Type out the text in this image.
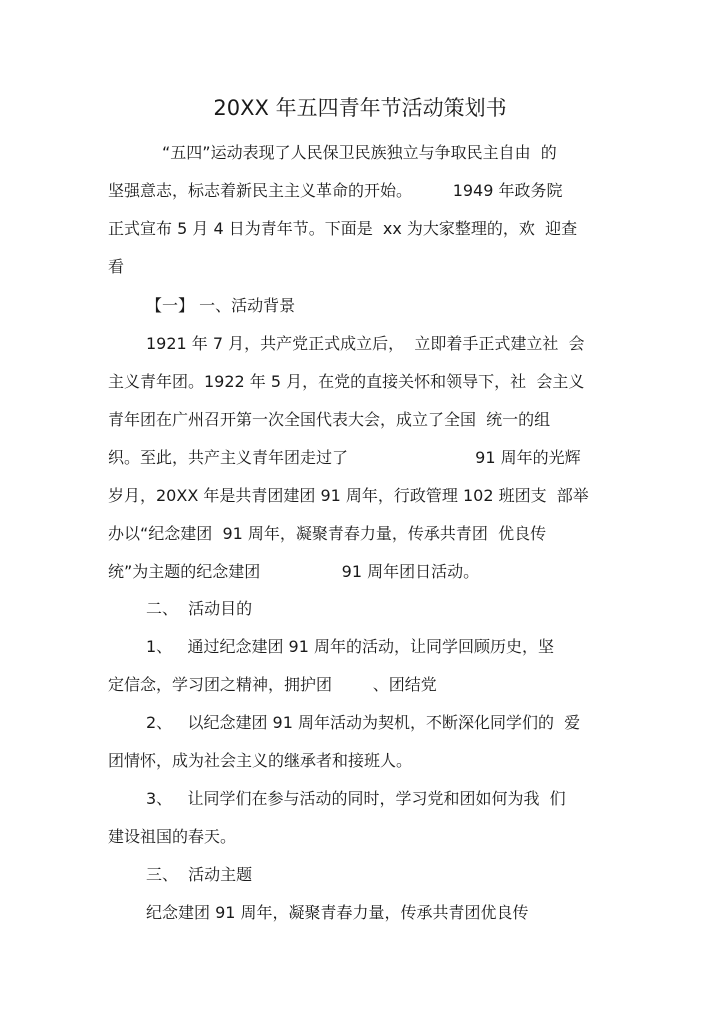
20XX 年五四青年节活动策划书
“五四”运动表现了人民保卫民族独立与争取民主自由  的
坚强意志，标志着新民主主义革命的开始。        1949 年政务院
正式宣布 5 月 4 日为青年节。下面是  xx 为大家整理的，欢  迎查
看
【一】 一、活动背景
1921 年 7 月，共产党正式成立后，  立即着手正式建立社  会
主义青年团。1922 年 5 月，在党的直接关怀和领导下，社  会主义
青年团在广州召开第一次全国代表大会，成立了全国  统一的组
织。至此，共产主义青年团走过了                         91 周年的光辉
岁月，20XX 年是共青团建团 91 周年，行政管理 102 班团支  部举
办以“纪念建团  91 周年，凝聚青春力量，传承共青团  优良传
统”为主题的纪念建团                91 周年团日活动。
二、  活动目的
1、   通过纪念建团 91 周年的活动，让同学回顾历史，坚
定信念，学习团之精神，拥护团        、团结党
2、   以纪念建团 91 周年活动为契机，不断深化同学们的  爱
团情怀，成为社会主义的继承者和接班人。
3、   让同学们在参与活动的同时，学习党和团如何为我  们
建设祖国的春天。
三、  活动主题
纪念建团 91 周年，凝聚青春力量，传承共青团优良传
